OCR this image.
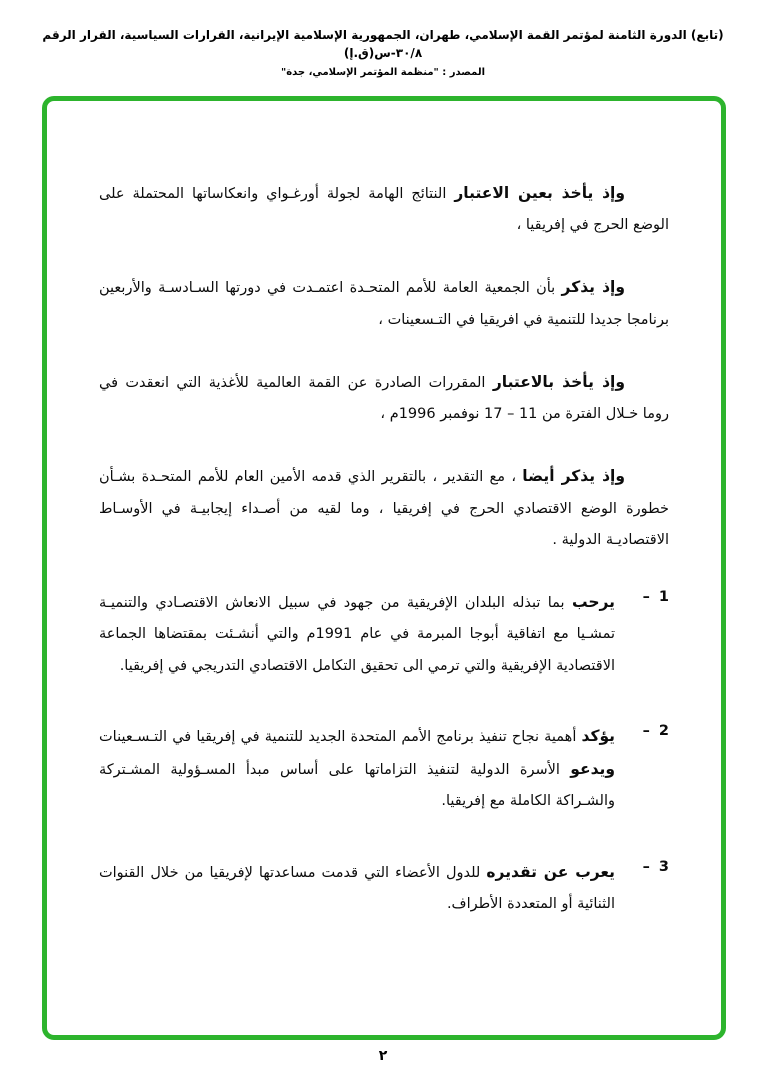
(تابع) الدورة الثامنة لمؤتمر القمة الإسلامي، طهران، الجمهورية الإسلامية الإيرانية، القرارات السياسية، القرار الرقم ٣٠/٨-س(ق.إ)
المصدر : "منظمة المؤتمر الإسلامي، جدة"

وإذ يأخذ بعين الاعتبار النتائج الهامة لجولة أورغـواي وانعكاساتها المحتملة على الوضع الحرج في إفريقيا ،

وإذ يذكر بأن الجمعية العامة للأمم المتحـدة اعتمـدت في دورتها السـادسـة والأربعين برنامجا جديدا للتنمية في افريقيا في التـسعينات ،

وإذ يأخذ بالاعتبار المقررات الصادرة عن القمة العالمية للأغذية التي انعقدت في روما خـلال الفترة من 11 – 17 نوفمبر 1996م ،

وإذ يذكر أيضا ، مع التقدير ، بالتقرير الذي قدمه الأمين العام للأمم المتحـدة بشـأن خطورة الوضع الاقتصادي الحرج في إفريقيا ، وما لقيه من أصـداء إيجابيـة في الأوسـاط الاقتصاديـة الدولية .

1
–
يرحب بما تبذله البلدان الإفريقية من جهود في سبيل الانعاش الاقتصـادي والتنميـة تمشـيا مع اتفاقية أبوجا المبرمة في عام 1991م والتي أنشـئت بمقتضاها الجماعة الاقتصادية الإفريقية والتي ترمي الى تحقيق التكامل الاقتصادي التدريجي في إفريقيا.
2
–
يؤكد أهمية نجاح تنفيذ برنامج الأمم المتحدة الجديد للتنمية في إفريقيا في التـسـعينات ويدعو الأسرة الدولية لتنفيذ التزاماتها على أساس مبدأ المسـؤولية المشـتركة والشـراكة الكاملة مع إفريقيا.
3
–
يعرب عن تقديره للدول الأعضاء التي قدمت مساعدتها لإفريقيا من خلال القنوات الثنائية أو المتعددة الأطراف.
٢
